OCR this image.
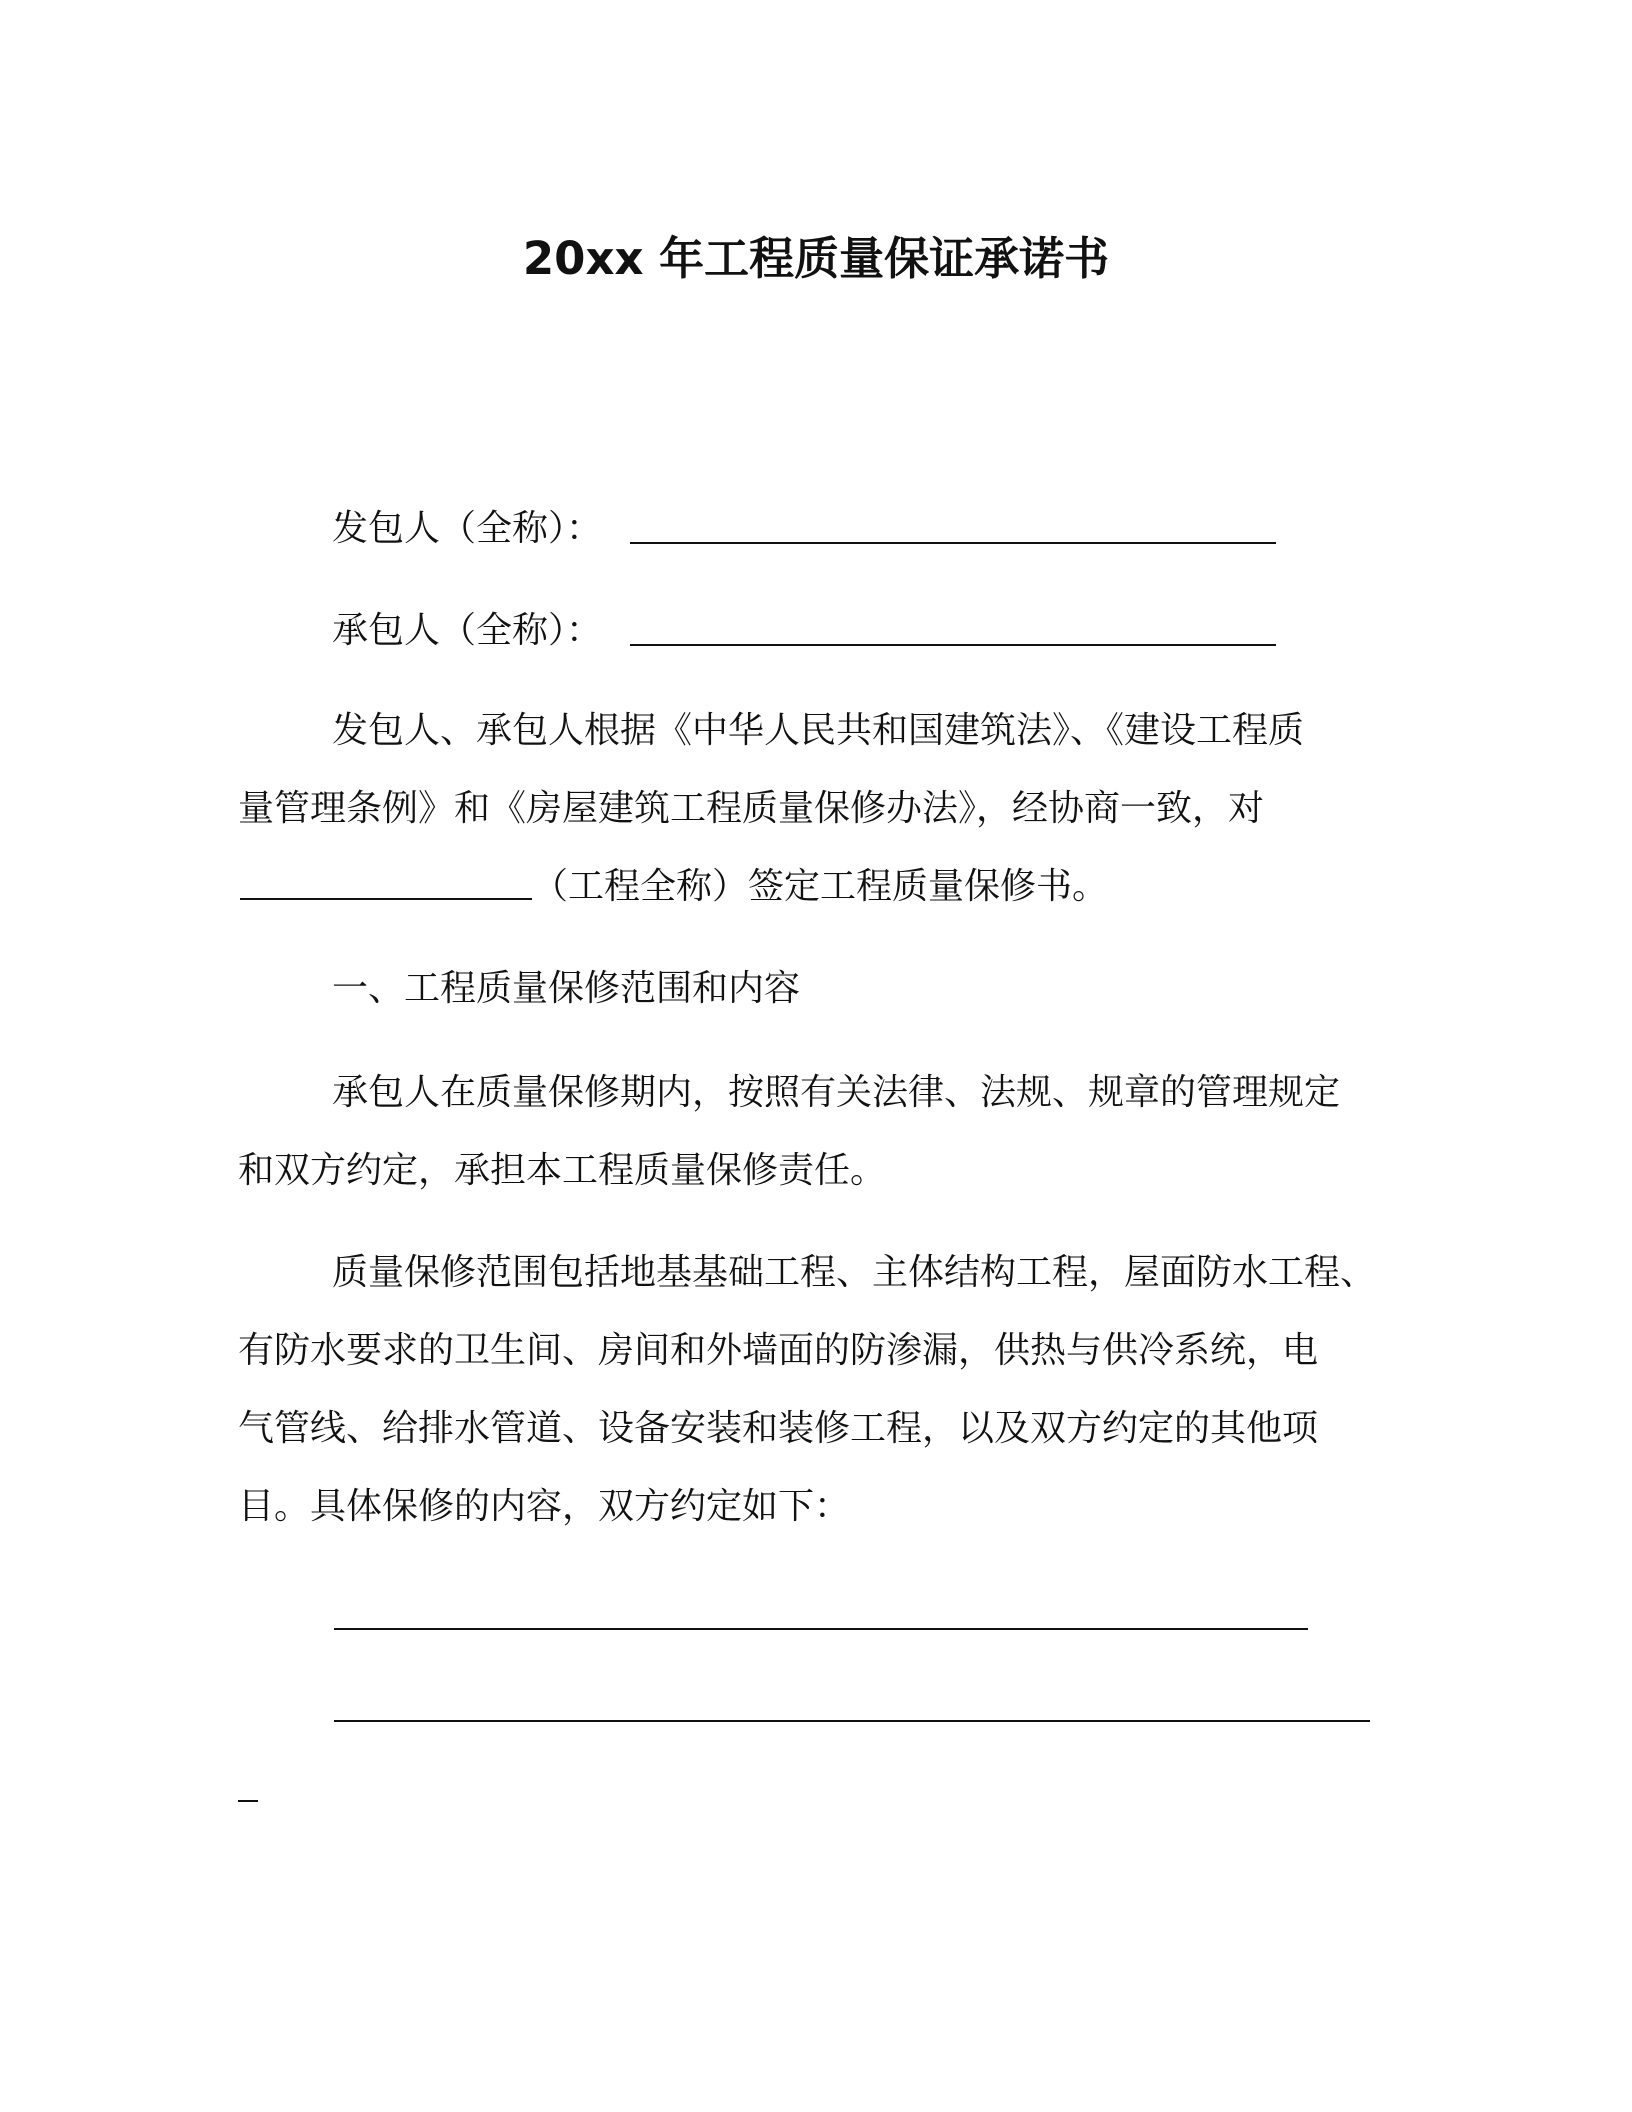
20xx 年工程质量保证承诺书
发包人（全称）：
承包人（全称）：
发包人、承包人根据《中华人民共和国建筑法》、《建设工程质
量管理条例》和《房屋建筑工程质量保修办法》，经协商一致，对
（工程全称）签定工程质量保修书。
一、工程质量保修范围和内容
承包人在质量保修期内，按照有关法律、法规、规章的管理规定
和双方约定，承担本工程质量保修责任。
质量保修范围包括地基基础工程、主体结构工程，屋面防水工程、
有防水要求的卫生间、房间和外墙面的防渗漏，供热与供冷系统，电
气管线、给排水管道、设备安装和装修工程，以及双方约定的其他项
目。具体保修的内容，双方约定如下：
